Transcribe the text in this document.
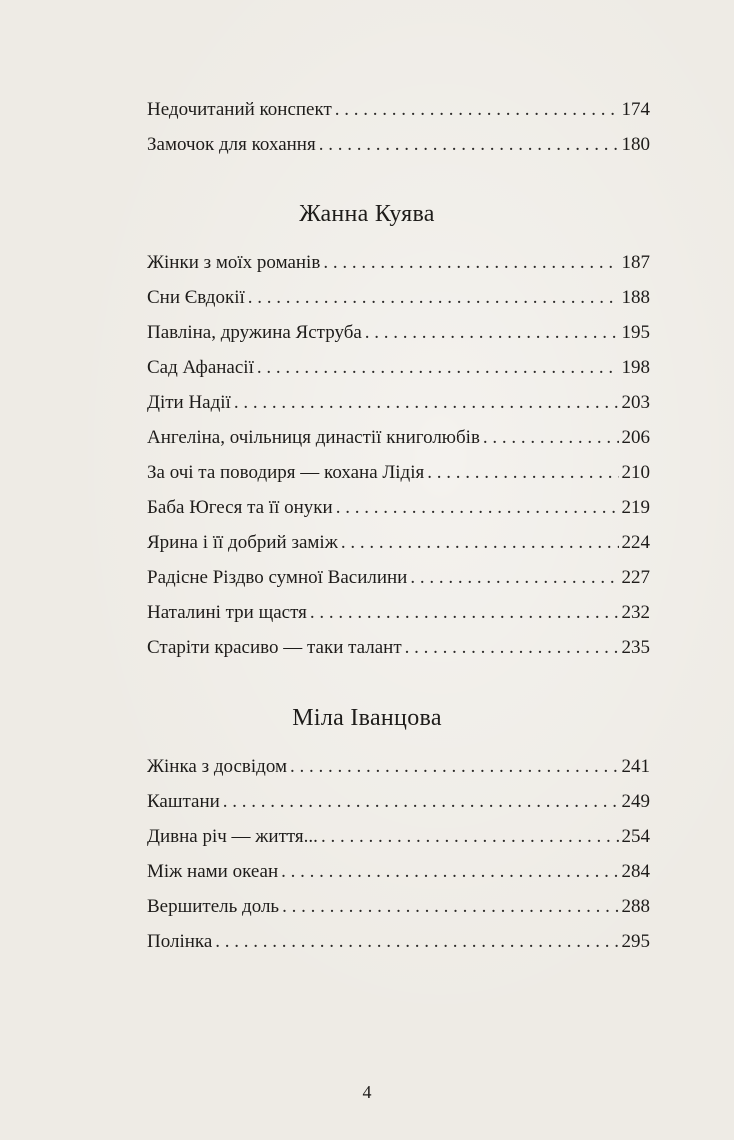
Недочитаний конспект . . .	174
Замочок для кохання . . .	180
Жанна Куява
Жінки з моїх романів . . .	187
Сни Євдокії . . .	188
Павліна, дружина Яструба . . .	195
Сад Афанасії . . .	198
Діти Надії . . .	203
Ангеліна, очільниця династії книголюбів . . .	206
За очі та поводиря — кохана Лідія . . .	210
Баба Югеся та її онуки . . .	219
Ярина і її добрий заміж . . .	224
Радісне Різдво сумної Василини . . .	227
Наталині три щастя . . .	232
Старіти красиво — таки талант . . .	235
Міла Іванцова
Жінка з досвідом . . .	241
Каштани . . .	249
Дивна річ — життя... . . .	254
Між нами океан . . .	284
Вершитель доль . . .	288
Полінка . . .	295
4
